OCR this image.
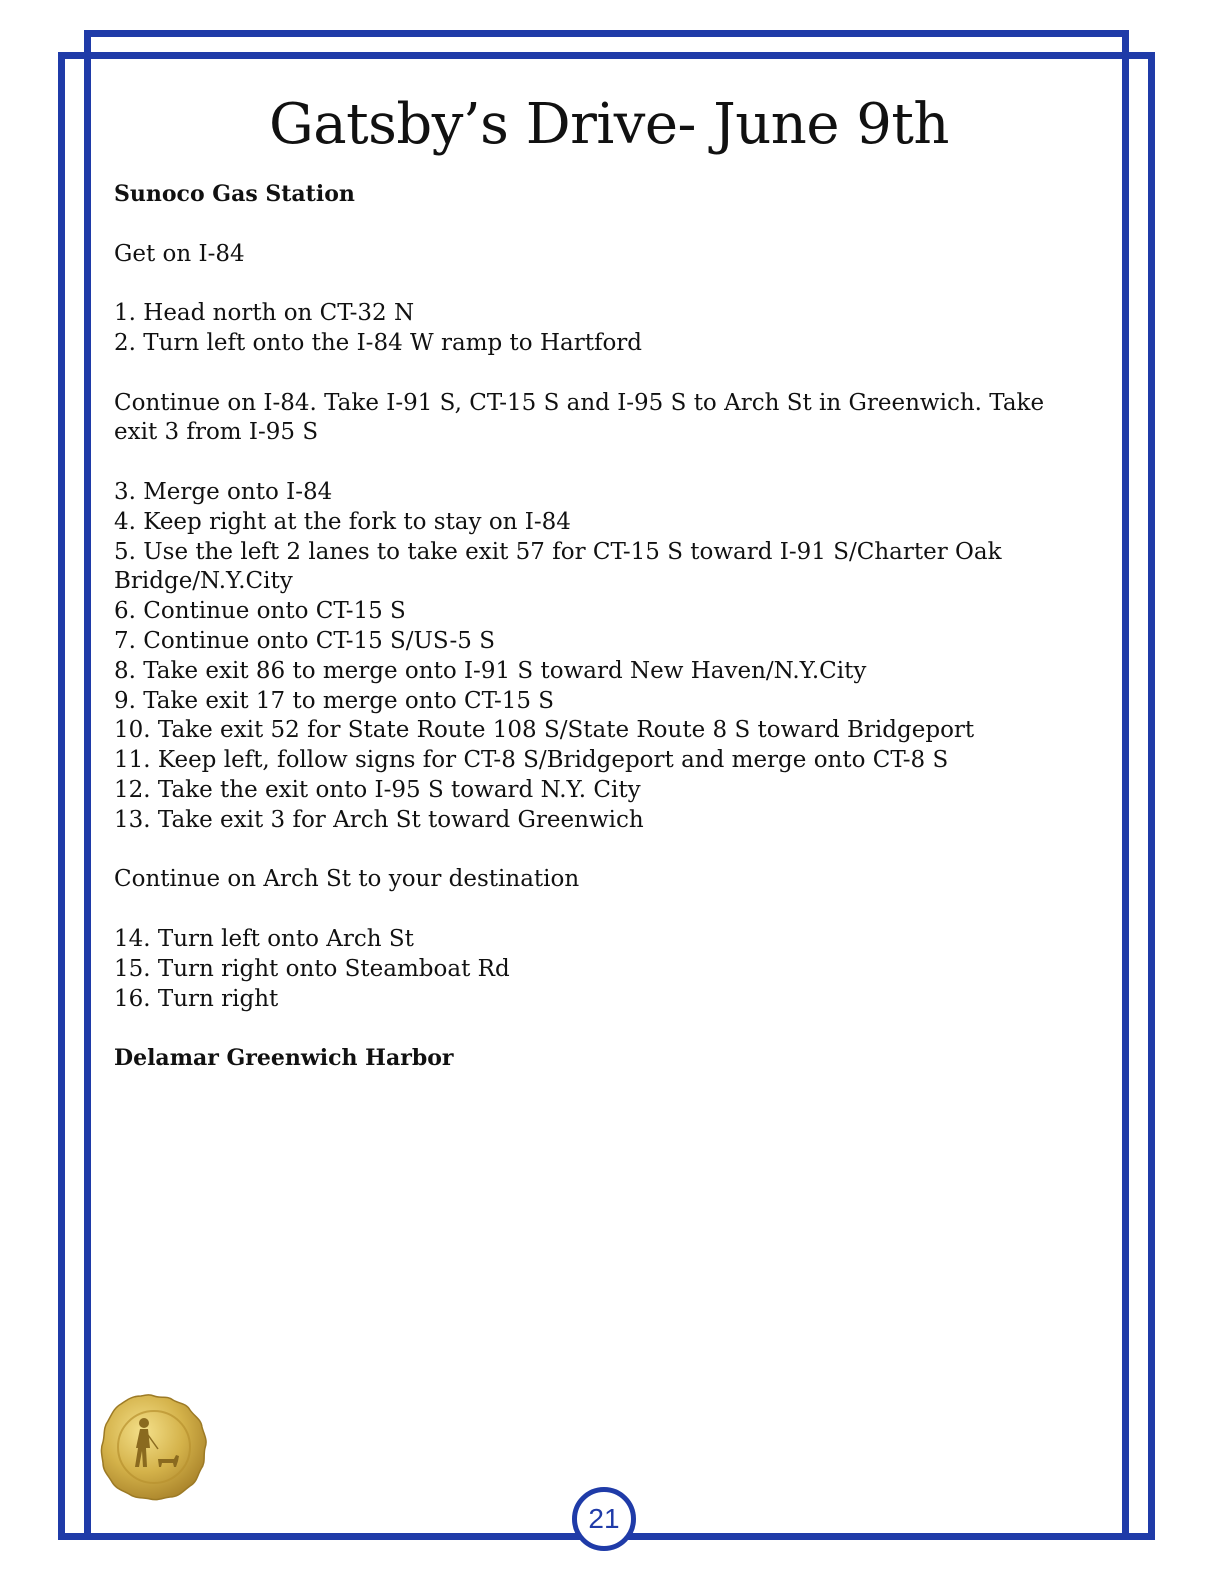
Gatsby’s Drive- June 9th
Sunoco Gas Station
Get on I-84
1. Head north on CT-32 N
2. Turn left onto the I-84 W ramp to Hartford
Continue on I-84. Take I-91 S, CT-15 S and I-95 S to Arch St in Greenwich. Take
exit 3 from I-95 S
3. Merge onto I-84
4. Keep right at the fork to stay on I-84
5. Use the left 2 lanes to take exit 57 for CT-15 S toward I-91 S/Charter Oak
Bridge/N.Y.City
6. Continue onto CT-15 S
7. Continue onto CT-15 S/US-5 S
8. Take exit 86 to merge onto I-91 S toward New Haven/N.Y.City
9. Take exit 17 to merge onto CT-15 S
10. Take exit 52 for State Route 108 S/State Route 8 S toward Bridgeport
11. Keep left, follow signs for CT-8 S/Bridgeport and merge onto CT-8 S
12. Take the exit onto I-95 S toward N.Y. City
13. Take exit 3 for Arch St toward Greenwich
Continue on Arch St to your destination
14. Turn left onto Arch St
15. Turn right onto Steamboat Rd
16. Turn right
Delamar Greenwich Harbor
21
